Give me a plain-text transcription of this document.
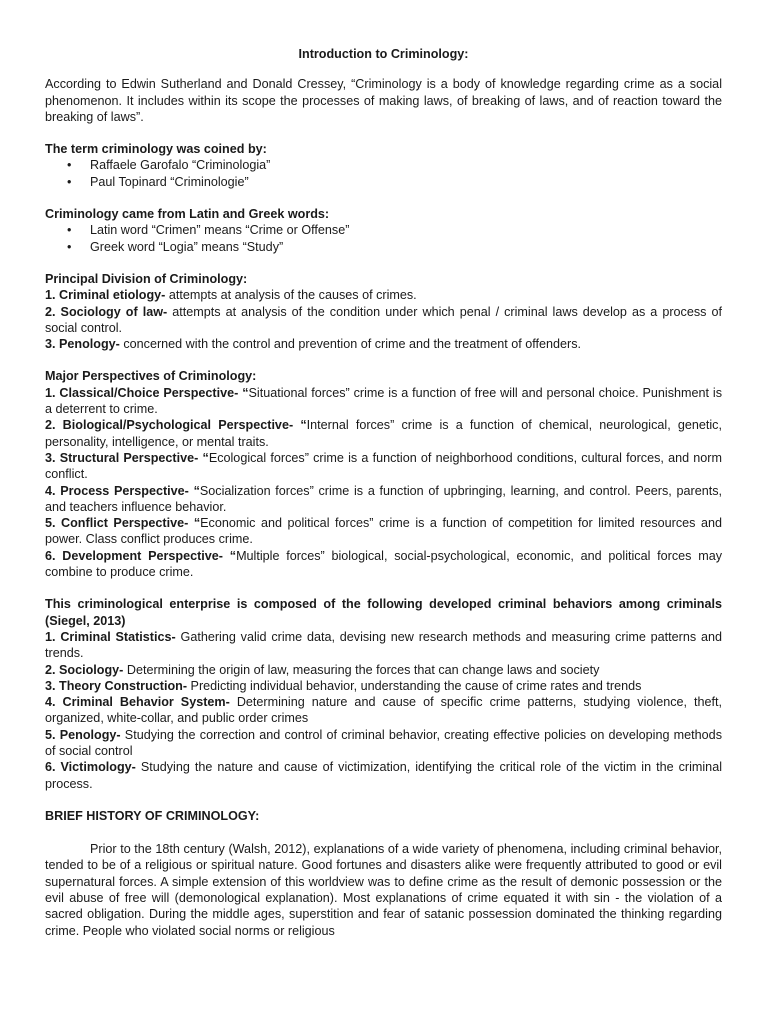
Introduction to Criminology:

According to Edwin Sutherland and Donald Cressey, “Criminology is a body of knowledge regarding crime as a social phenomenon. It includes within its scope the processes of making laws, of breaking of laws, and of reaction toward the breaking of laws”.

The term criminology was coined by:

• Raffaele Garofalo “Criminologia”
• Paul Topinard “Criminologie”

Criminology came from Latin and Greek words:

• Latin word “Crimen” means “Crime or Offense”
• Greek word “Logia” means “Study”

Principal Division of Criminology:

1. Criminal etiology- attempts at analysis of the causes of crimes.

2. Sociology of law- attempts at analysis of the condition under which penal / criminal laws develop as a process of social control.

3. Penology- concerned with the control and prevention of crime and the treatment of offenders.

Major Perspectives of Criminology:

1. Classical/Choice Perspective- “Situational forces” crime is a function of free will and personal choice. Punishment is a deterrent to crime.

2. Biological/Psychological Perspective- “Internal forces” crime is a function of chemical, neurological, genetic, personality, intelligence, or mental traits.

3. Structural Perspective- “Ecological forces” crime is a function of neighborhood conditions, cultural forces, and norm conflict.

4. Process Perspective- “Socialization forces” crime is a function of upbringing, learning, and control. Peers, parents, and teachers influence behavior.

5. Conflict Perspective- “Economic and political forces” crime is a function of competition for limited resources and power. Class conflict produces crime.

6. Development Perspective- “Multiple forces” biological, social-psychological, economic, and political forces may combine to produce crime.

This criminological enterprise is composed of the following developed criminal behaviors among criminals (Siegel, 2013)

1. Criminal Statistics- Gathering valid crime data, devising new research methods and measuring crime patterns and trends.

2. Sociology- Determining the origin of law, measuring the forces that can change laws and society

3. Theory Construction- Predicting individual behavior, understanding the cause of crime rates and trends

4. Criminal Behavior System- Determining nature and cause of specific crime patterns, studying violence, theft, organized, white-collar, and public order crimes

5. Penology- Studying the correction and control of criminal behavior, creating effective policies on developing methods of social control

6. Victimology- Studying the nature and cause of victimization, identifying the critical role of the victim in the criminal process.

BRIEF HISTORY OF CRIMINOLOGY:

Prior to the 18th century (Walsh, 2012), explanations of a wide variety of phenomena, including criminal behavior, tended to be of a religious or spiritual nature. Good fortunes and disasters alike were frequently attributed to good or evil supernatural forces. A simple extension of this worldview was to define crime as the result of demonic possession or the evil abuse of free will (demonological explanation). Most explanations of crime equated it with sin - the violation of a sacred obligation. During the middle ages, superstition and fear of satanic possession dominated the thinking regarding crime. People who violated social norms or religious
